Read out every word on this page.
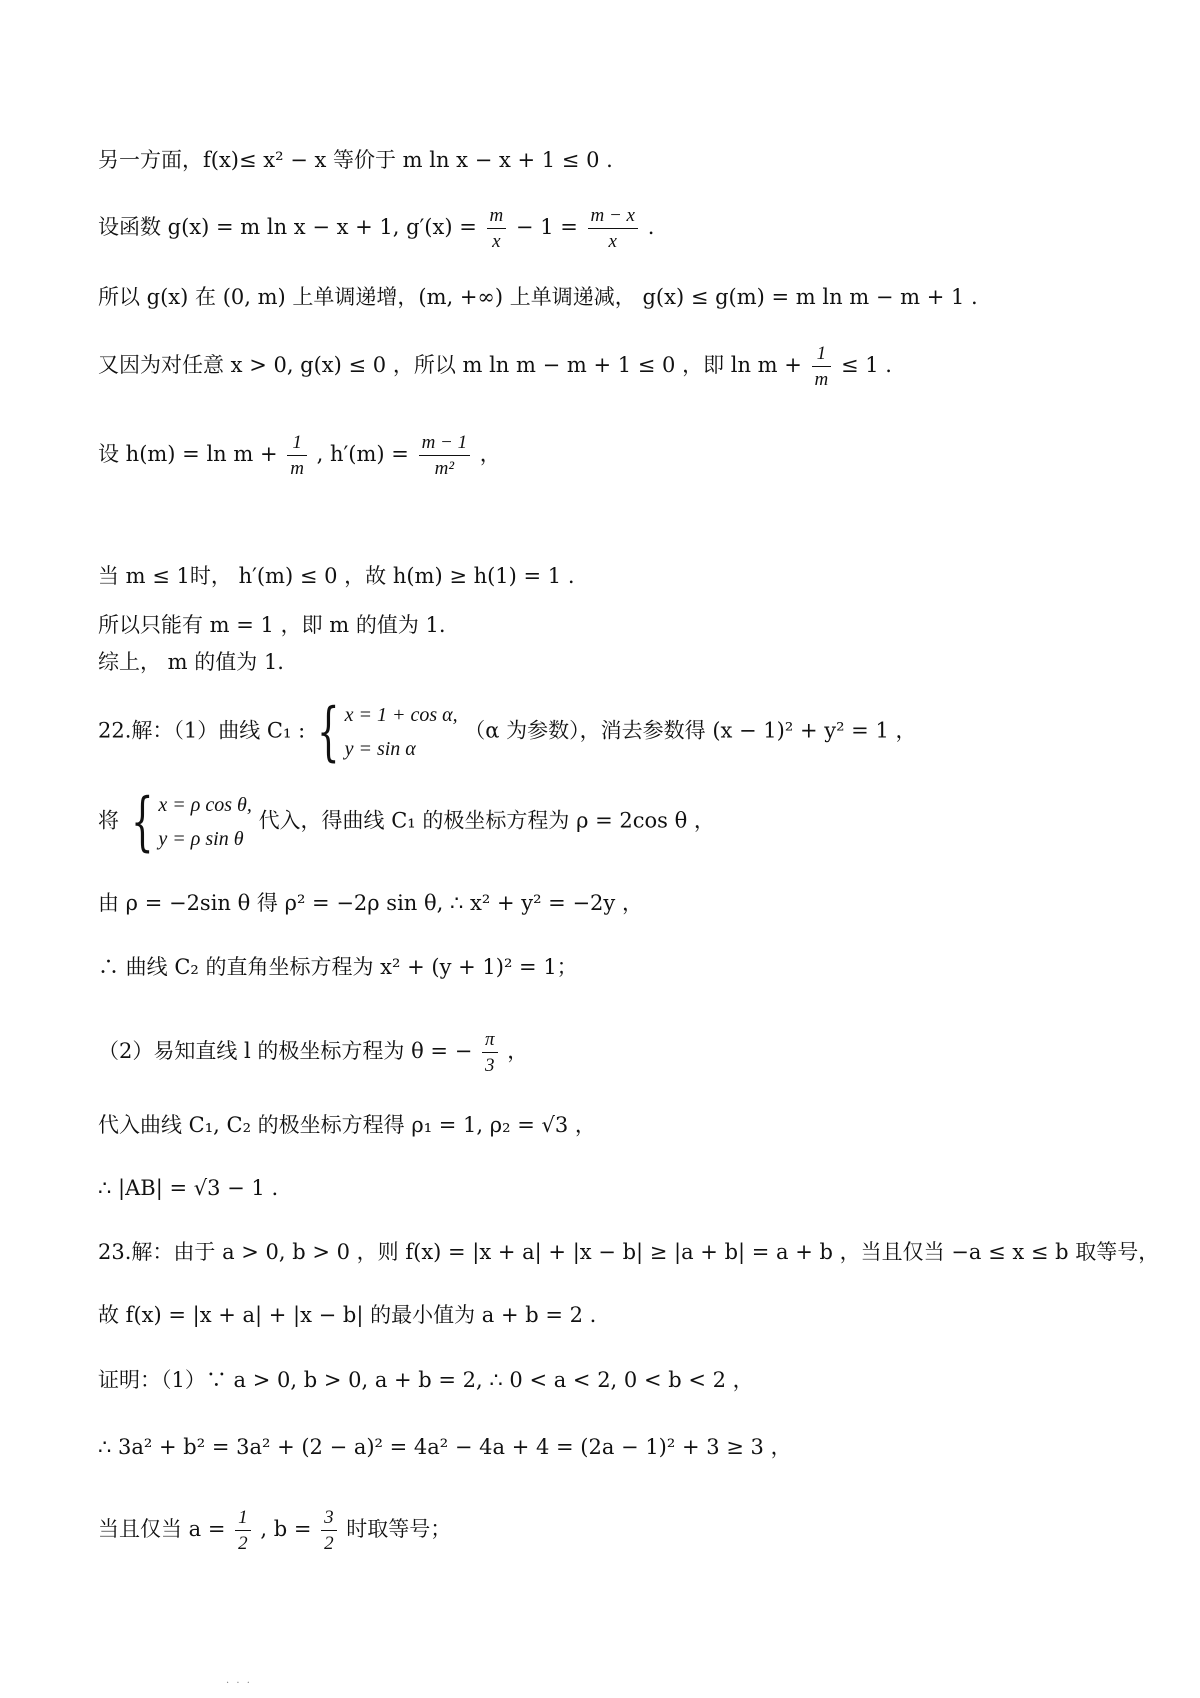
另一方面，f(x)≤ x² − x 等价于 m ln x − x + 1 ≤ 0 .
设函数 g(x) = m ln x − x + 1, $g'(x) = \frac{m}{x} - 1 = \frac{m - x}{x}$ .
所以 g(x) 在 (0, m) 上单调递增，(m, +∞) 上单调递减， g(x) ≤ g(m) = m ln m − m + 1 .
又因为对任意 x > 0, g(x) ≤ 0 ，所以 m ln m − m + 1 ≤ 0 ，即 $\ln m + \frac{1}{m} \le 1$ .
设 $h(m) = \ln m + \frac{1}{m}$ , $h'(m) = \frac{m - 1}{\text{m²}}$ ，
当 m ≤ 1时， h′(m) ≤ 0 ，故 h(m) ≥ h(1) = 1 .
所以只能有 m = 1 ，即 m 的值为 1.
综上， m 的值为 1.
22.解：（1）曲线 C₁ : { x = 1 + cos α,
y = sin α
（α 为参数），消去参数得 (x − 1)² + y² = 1 ，
将 { x = ρ cos θ,
y = ρ sin θ
代入，得曲线 C₁ 的极坐标方程为 ρ = 2cos θ ，
由 ρ = −2sin θ 得 ρ² = −2ρ sin θ, ∴ x² + y² = −2y ，
∴ 曲线 C₂ 的直角坐标方程为 x² + (y + 1)² = 1；
（2）易知直线 l 的极坐标方程为 θ = − $\frac{\pi}{3}$ ，
代入曲线 C₁, C₂ 的极坐标方程得 ρ₁ = 1, ρ₂ = √3 ，
∴ |AB| = √3 − 1 .
23.解：由于 a > 0, b > 0 ，则 f(x) = |x + a| + |x − b| ≥ |a + b| = a + b ，当且仅当 −a ≤ x ≤ b 取等号，
故 f(x) = |x + a| + |x − b| 的最小值为 a + b = 2 .
证明：（1）∵ a > 0, b > 0, a + b = 2, ∴ 0 < a < 2, 0 < b < 2 ，
∴ 3a² + b² = 3a² + (2 − a)² = 4a² − 4a + 4 = (2a − 1)² + 3 ≥ 3 ，
当且仅当 $a = \frac{1}{2}$ , $b = \frac{3}{2}$ 时取等号；
· · ·
